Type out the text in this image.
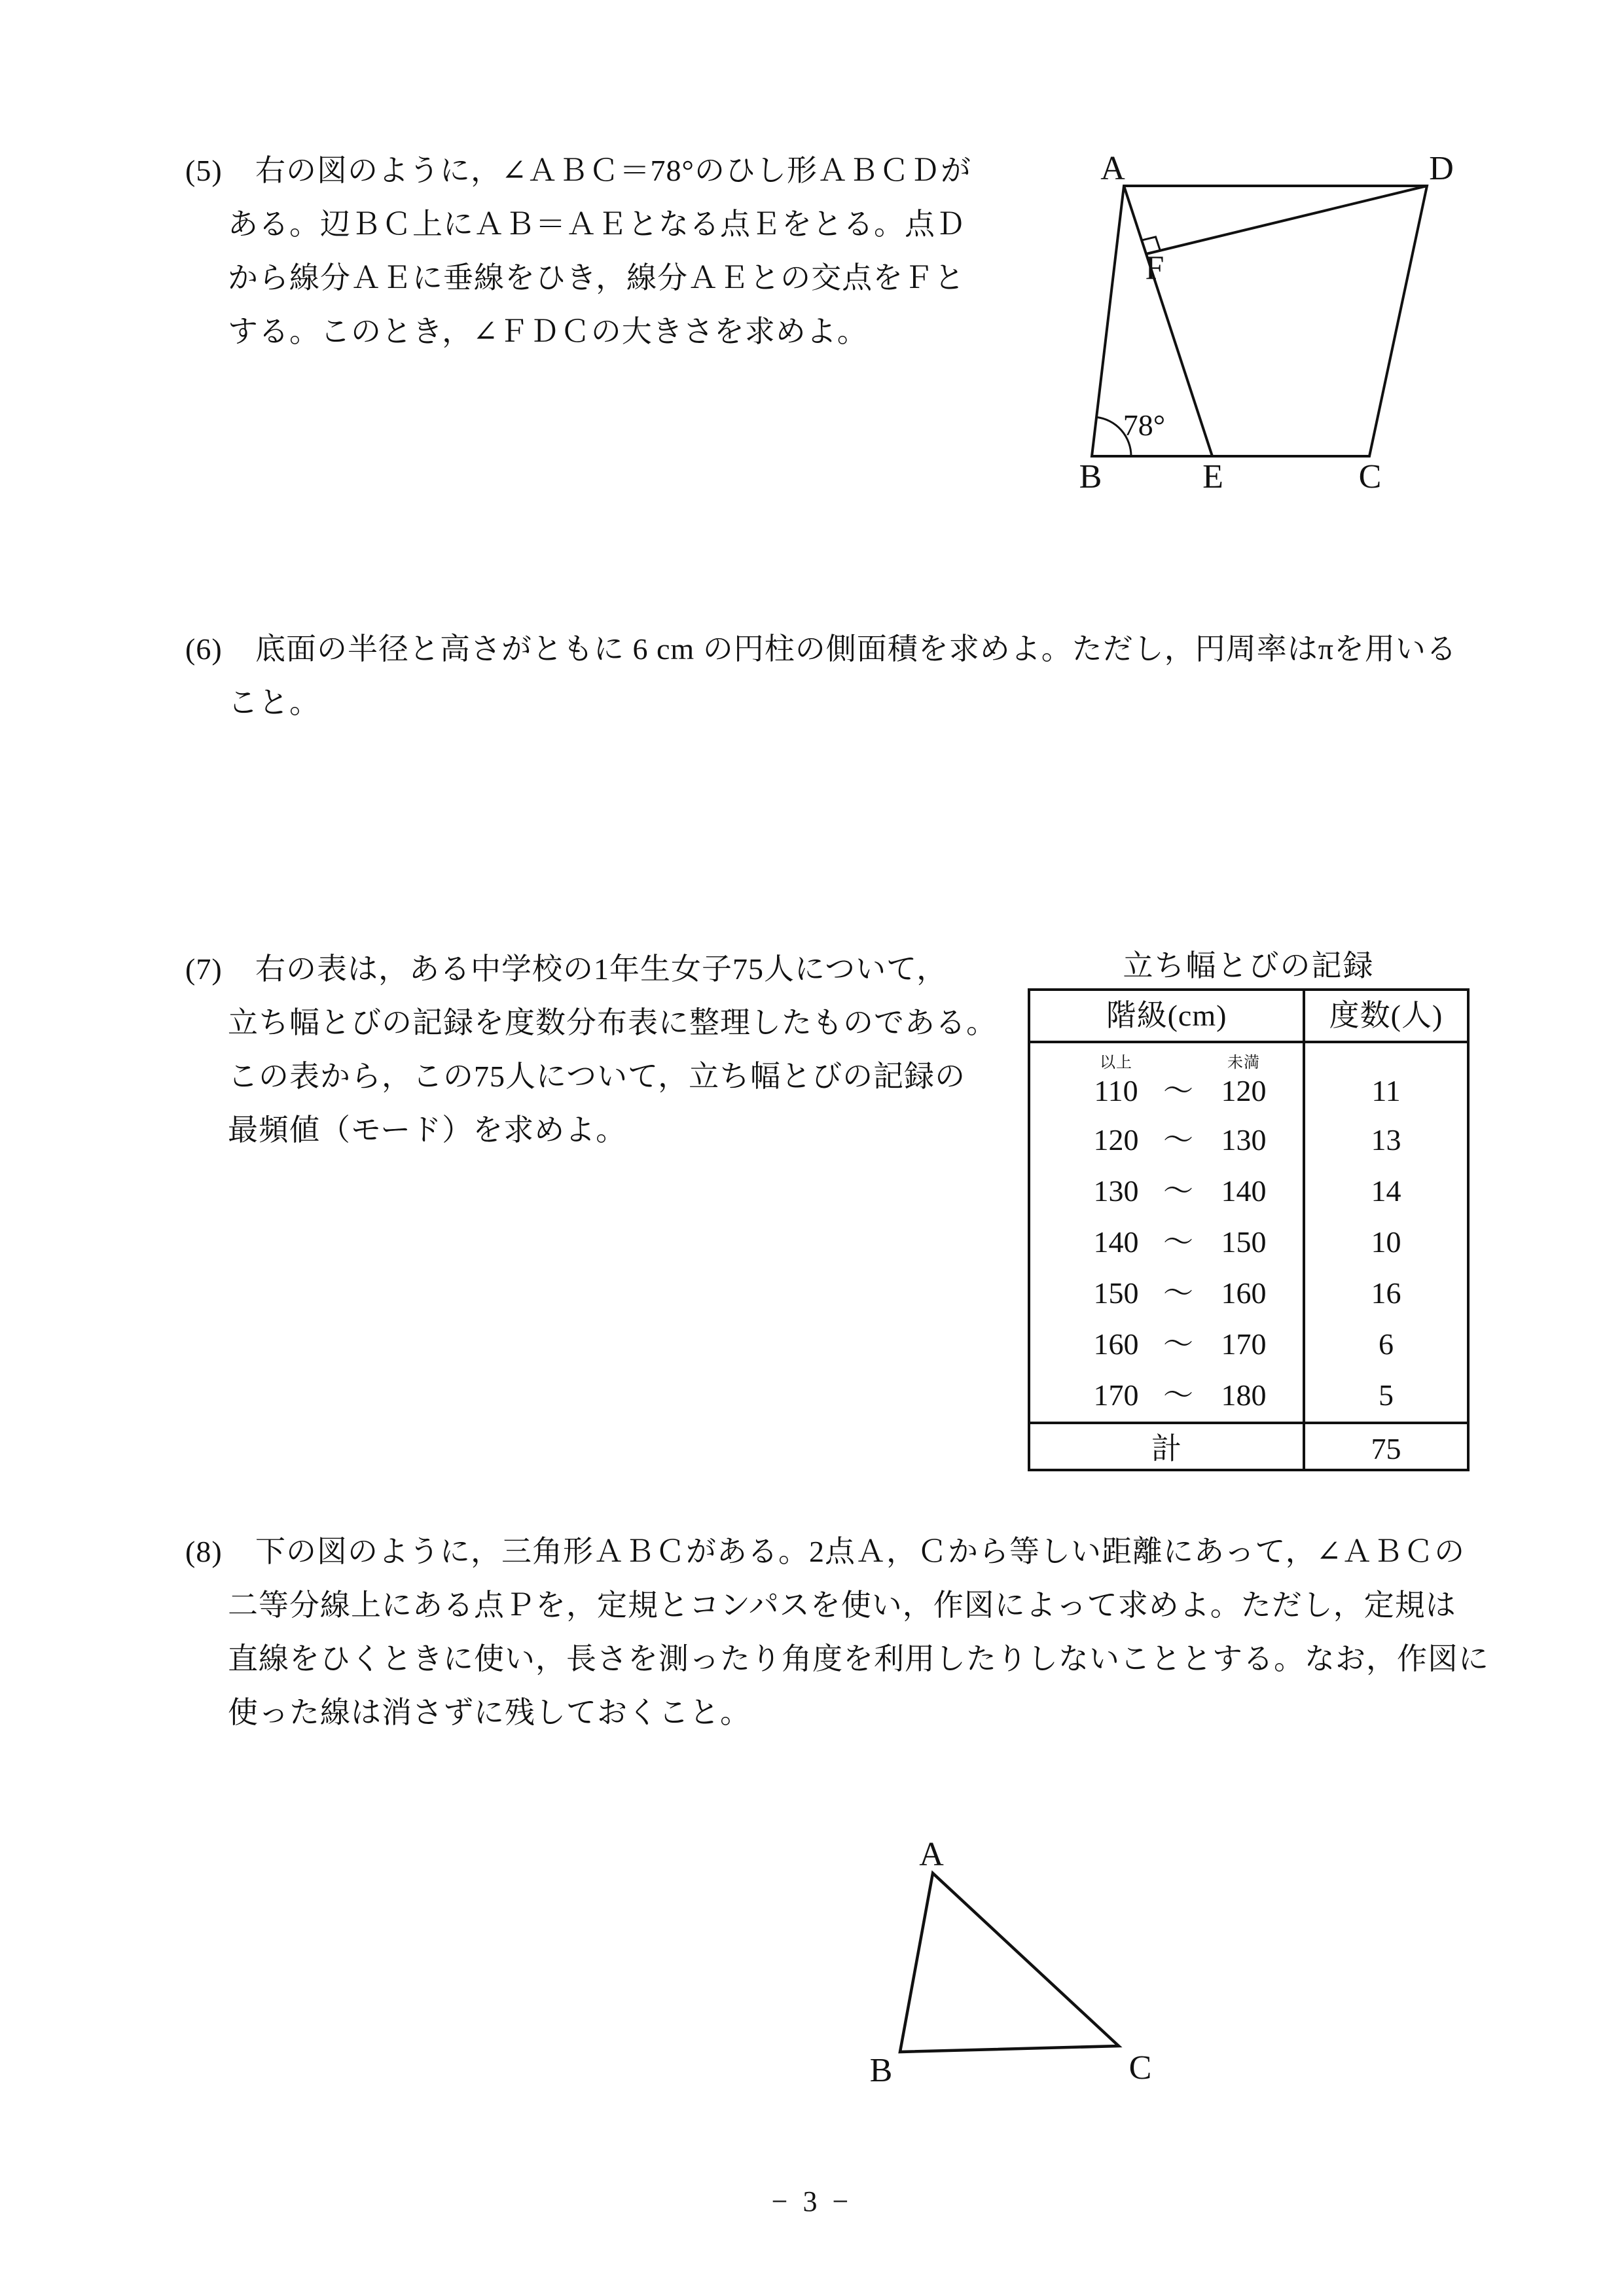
(5) 右の図のように，∠ＡＢＣ＝78°のひし形ＡＢＣＤが
ある。辺ＢＣ上にＡＢ＝ＡＥとなる点Ｅをとる。点Ｄ
から線分ＡＥに垂線をひき，線分ＡＥとの交点をＦと
する。このとき，∠ＦＤＣの大きさを求めよ。
A	D
B	E	C
F
78°
(6) 底面の半径と高さがともに 6 cm の円柱の側面積を求めよ。ただし，円周率はπを用いる
こと。
(7) 右の表は，ある中学校の1年生女子75人について，
立ち幅とびの記録を度数分布表に整理したものである。
この表から，この75人について，立ち幅とびの記録の
最頻値（モード）を求めよ。
立ち幅とびの記録
階級(cm)	度数(人)
以上	未満
110 ～ 120	11
120 ～ 130	13
130 ～ 140	14
140 ～ 150	10
150 ～ 160	16
160 ～ 170	6
170 ～ 180	5
計	75
(8) 下の図のように，三角形ＡＢＣがある。2点Ａ，Ｃから等しい距離にあって，∠ＡＢＣの
二等分線上にある点Ｐを，定規とコンパスを使い，作図によって求めよ。ただし，定規は
直線をひくときに使い，長さを測ったり角度を利用したりしないこととする。なお，作図に
使った線は消さずに残しておくこと。
A
B	C
− 3 −
